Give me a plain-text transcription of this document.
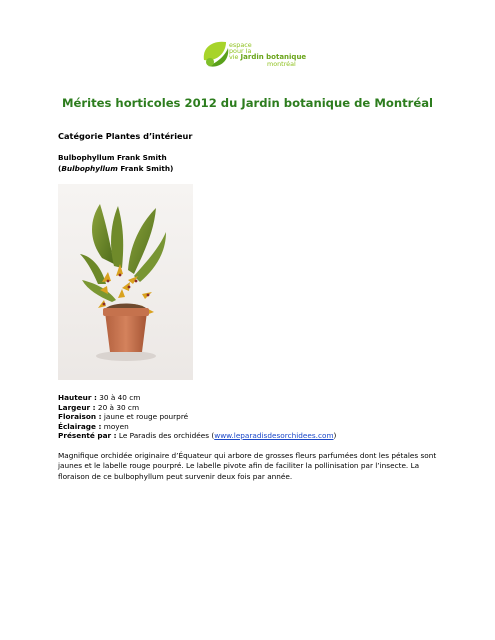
espace
pour la
vie Jardin botanique
montréal
Mérites horticoles 2012 du Jardin botanique de Montréal
Catégorie Plantes d’intérieur
Bulbophyllum Frank Smith
(Bulbophyllum Frank Smith)
Hauteur : 30 à 40 cm
Largeur : 20 à 30 cm
Floraison : jaune et rouge pourpré
Éclairage : moyen
Présenté par : Le Paradis des orchidées (www.leparadisdesorchidees.com)

Magnifique orchidée originaire d’Équateur qui arbore de grosses fleurs parfumées dont les pétales sont jaunes et le labelle rouge pourpré. Le labelle pivote afin de faciliter la pollinisation par l’insecte. La floraison de ce bulbophyllum peut survenir deux fois par année.
